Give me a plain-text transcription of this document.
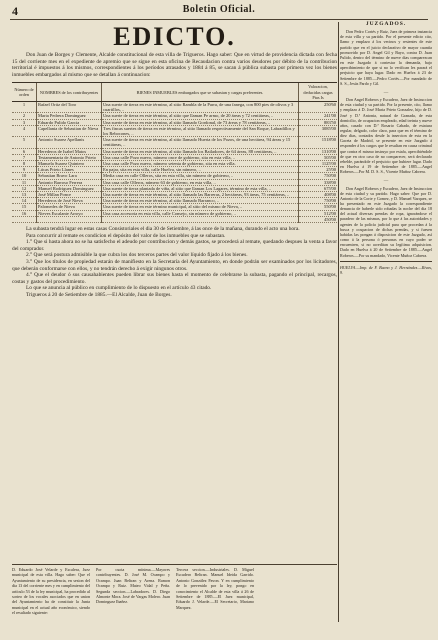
4	Boletin Oficial.
EDICTO.

Don Juan de Borges y Clemente, Alcalde constitucional de esta villa de Trigueros. Hago saber: Que en virtud de providencia dictada con fecha 15 del corriente mes en el expediente de apremio que se sigue en esta oficina de Recaudacion contra varios deudores por débito de la contribucion territorial é impuestos á los mismos, correspondientes á los períodos atrasados y 1884 á 85, se sacan á pública subasta por primera vez los bienes inmuebles embargados al mismo que se detallan á continuacion:

Número de orden	NOMBRES de los contribuyentes	BIENES INMUEBLES embargados que se subastan y cargas preferentes.	Valoracion, deducidas cargas
Ptas Is
1	Rafael Ortiz del Toro	Una suerte de tierra en este término, al sitio Rambla de la Parra, de una fanega, con 800 pies de olivos y 3 cuartillos, ..	250'60
2	Maria Pedrera Dominguez	Una suerte de tierra en este término, al sitio que llaman Pe armo, de 20 áreas y 72 centiáreas, ..	241'00
3	Eduardo Pulido Garcia	Una suerte de tierra en este término, al sitio llamado Gordonal, de 73 áreas y 78 centiáreas, ..	883'50
4	Capellania de Sebastian de Nieva	Tres fincas suertes de tierra en este término, al sitio llamado respectivamente del San Roque, Labradillos y los Rebocones, ..	3085'00
5	Antonio Suarez Apellanis	Una suerte de tierra en este término, al sitio llamado Huerta de los Pozos, de una hectárea, 94 áreas y 15 centiáreas, ..	1518'00
6	Herederos de Isabel Matos	Una suerte de tierra en este término, al sitio llamado los Bailadores, de 64 áreas, 88 centiáreas, ..	1310'00
7	Testamentaria de Antonio Prieto	Una casa calle Pozo nuevo, número once de gobierno, sita en esta villa, ..	505'00
8	Manuela Suarez Quintero	Una casa calle Pozo nuevo, número setenta de gobierno, sita en esta villa.	1125'00
9	Lúcas Prieto Llanes	En pajar, sita en esta villa, calle Huelva, sin número, ..	25'00
10	Sebastian Bravo Lara	Media casa en calle Olleros, sita en esta villa, sin número de gobierno, ..	750'00
11	Antonio Barroso Ferrera	Una casa calle Olleros, número 63 de gobierno, en esta villa, ..	338'00
12	Manuel Rodriguez Dominguez	Una suerte de tierra plantada de viña, al sitio que llaman Los Lagares, término de esta villa, ..	675'00
13	José Millan Ponce	Una suerte de tierra en este término, al sitio llamado las Barreras, 2 hectáreas, 93 áreas, 75 centiáreas, ..	408'00
14	Herederos de José Nieva	Una suerte de tierra en este término, al sitio llamado Barranco, ..	750'00
15	Palomedes de Nieva	Una suerte de tierra en este término municipal, al sitio del mismo de Nieva, ..	550'00
16	Nieves Escalante Arroyo	Una casa accesoria en esta villa, calle Consejo, sin número de gobierno, ..	512'00
			450'00

La subasta tendrá lugar en estas casas Consistoriales el dia 30 de Setiembre, á las once de la mañana, durando el acto una hora.

Para concurrir al remate es condicion el depósito del valor de los inmuebles que se subastan.

1.° Que si hasta ahora no se ha satisfecho el adeudo por contribucion y demás gastos, se procederá al remate, quedando despues la venta a favor del comprador.

2.° Que será postura admisible la que cubra los dos terceros partes del valor líquido fijado á los bienes.

3.° Que los títulos de propiedad estarán de manifiesto en la Secretaría del Ayuntamiento, en donde podrán ser examinados por los licitadores, que deberán conformarse con ellos, y no tendrán derecho á exigir ningunos otros.

4.° Que el deudor ó sus causahabientes pueden librar sus bienes hasta el momento de celebrarse la subasta, pagando el principal, recargos, costas y gastos del procedimiento.

Lo que se anuncia al público en cumplimiento de lo dispuesto en el artículo 43 citado.

Trigueros á 20 de Setiembre de 1885.—El Alcalde, Juan de Borges.

D. Eduardo José Velarde y Escalera, Juez municipal de esta villa. Hago saber: Que el Ayuntamiento de su presidencia, en sesion del dia 13 del corriente mes y en cumplimiento del artículo 53 de la ley municipal, ha procedido al sorteo de los vocales asociados que en union del Ayuntamiento ha de constituir la Junta municipal en el actual año económico, siendo el resultado siguiente:
Por cuota mínima.—Mayores contribuyentes. D. José M. Ocampo y Ocampo. Juan Beltran y Arena. Ramon Ocampo y Ruiz. Mateo Vidal y Peña. Segunda seccion.—Labradores. D. Diego Almonte Mora. José de Vargas Molero. Juan Dominguez Ibañez.
Tercera seccion.—Industriales. D. Miguel Escudero Beltran. Manuel Ideida Garrido. Antonio González Pavon. Y en cumplimiento de lo prevenido por la ley, pongo en conocimiento el Alcalde de esta villa á 26 de Setiembre de 1885.—El Juez municipal, Eduardo J. Velarde.—El Secretario, Mariano Marquez.
JUZGADOS.

Don Pedro Cortés y Ruiz, Juez de primera instancia de esta villa y su partido. Por el presente edicto cito, llamo y emplazo á los vecinos y resientes de este partido que en el juicio declarativo de mayor cuantía promovido por D. Angel Gil y Bayo, contra D. Juan Pulido, dentro del término de nueve dias comparezcan en este Juzgado á contestar la demanda, bajo apercibimiento de que si no lo verifican les parará el perjuicio que haya lugar. Dado en Huelva á 23 de Setiembre de 1885.—Pedro Cortés.—Por mandado de S. S., Jesús Pardo y Gil.

—

Don Angel Roberos y Escudero, Juez de Instruccion de esta ciudad y su partido. Por la presente, cito, llamo y emplazo á D. José Maria Prieto Gonzalez, hijo de D. José y D.ª Antonia, natural de Granada, de esta domicilio, de ocupacion empleado, edad treinta y nueve años, casado con D.ª Rosario Cabado, de estatura regular, delgado, color claro, para que en el término de diez dias, contados desde la insercion de esta en la Gaceta de Madrid, se presente en este Juzgado á responder á los cargos que le resultan en causa criminal que contra el mismo instruyo por estafa, apercibiéndole de que en otro caso de no comparecer, será declarado rebelde, parándole el perjuicio que hubiere lugar. Dado en Huelva á 19 de Setiembre de 1885.—Angel Roberos.—Por M. D. S. S., Vicente Muñoz Cabrera.

—

Don Angel Roberos y Escudero, Juez de Instruccion de esta ciudad y su partido. Hago saber: Que por D. Antonio de la Corte y Gomez, y D. Manuel Vazquez, se ha presentado en este Juzgado la correspondiente denuncia de haberle sido robadas la noche del dia 18 del actual diversas prendas de ropa, ignorándose el paradero de las mismas, por lo que á las autoridades y agentes de la policía judicial para que procedan á la busca y ocupacion de dichas prendas, y si fuesen habidas las pongan á disposicion de este Juzgado, así como á la persona ó personas en cuyo poder se encuentren, si no acreditan su legítima adquisicion. Dado en Huelva á 20 de Setiembre de 1885.—Angel Roberos.—Por su mandado, Vicente Muñoz Cabrera.

HUELVA.—Imp. de F. Bueno y J. Hernández.—Rivas, 9.
